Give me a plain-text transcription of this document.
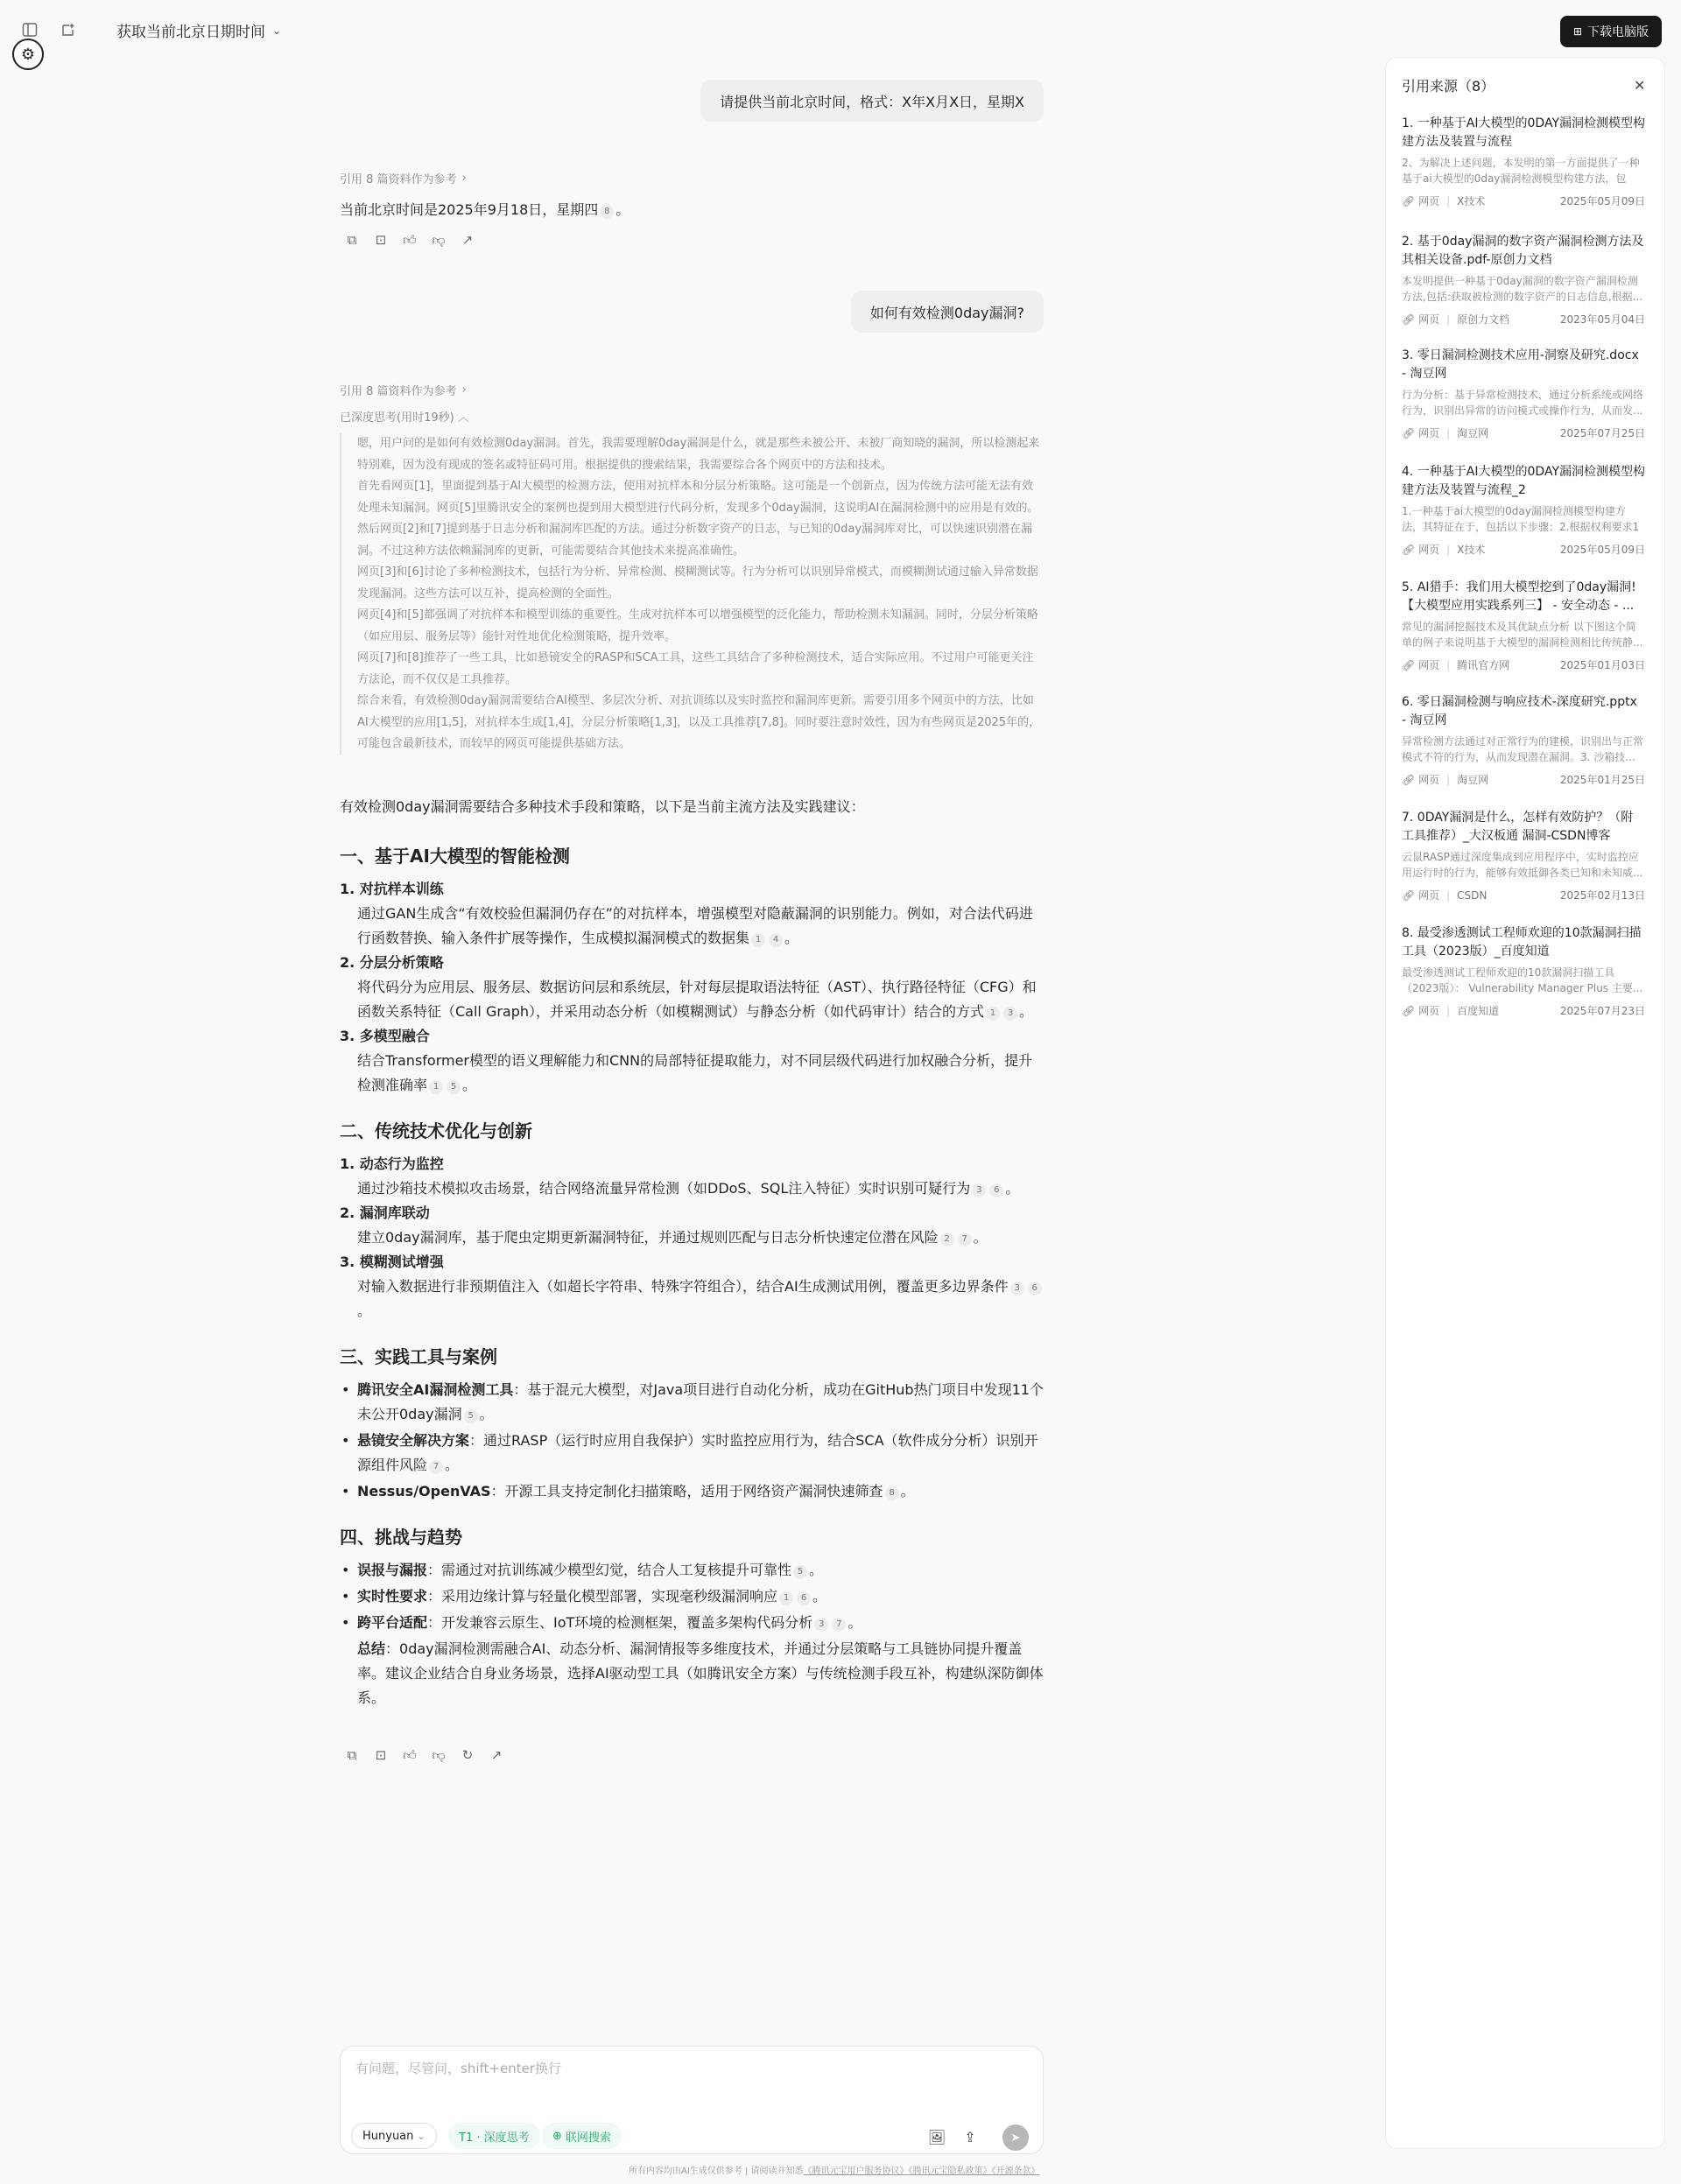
获取当前北京日期时间 ⌄
⚙
⊞ 下载电脑版
请提供当前北京时间，格式：X年X月X日，星期X
引用 8 篇资料作为参考 ›
当前北京时间是2025年9月18日，星期四 8 。
⧉	⊡ 👍︎ 👎︎ ↗
如何有效检测0day漏洞?
引用 8 篇资料作为参考 ›
已深度思考(用时19秒) ︿

嗯，用户问的是如何有效检测0day漏洞。首先，我需要理解0day漏洞是什么，就是那些未被公开、未被厂商知晓的漏洞，所以检测起来特别难，因为没有现成的签名或特征码可用。根据提供的搜索结果，我需要综合各个网页中的方法和技术。

首先看网页[1]，里面提到基于AI大模型的检测方法，使用对抗样本和分层分析策略。这可能是一个创新点，因为传统方法可能无法有效处理未知漏洞。网页[5]里腾讯安全的案例也提到用大模型进行代码分析，发现多个0day漏洞，这说明AI在漏洞检测中的应用是有效的。

然后网页[2]和[7]提到基于日志分析和漏洞库匹配的方法。通过分析数字资产的日志，与已知的0day漏洞库对比，可以快速识别潜在漏洞。不过这种方法依赖漏洞库的更新，可能需要结合其他技术来提高准确性。

网页[3]和[6]讨论了多种检测技术，包括行为分析、异常检测、模糊测试等。行为分析可以识别异常模式，而模糊测试通过输入异常数据发现漏洞。这些方法可以互补，提高检测的全面性。

网页[4]和[5]都强调了对抗样本和模型训练的重要性。生成对抗样本可以增强模型的泛化能力，帮助检测未知漏洞。同时，分层分析策略（如应用层、服务层等）能针对性地优化检测策略，提升效率。

网页[7]和[8]推荐了一些工具，比如悬镜安全的RASP和SCA工具，这些工具结合了多种检测技术，适合实际应用。不过用户可能更关注方法论，而不仅仅是工具推荐。

综合来看，有效检测0day漏洞需要结合AI模型、多层次分析、对抗训练以及实时监控和漏洞库更新。需要引用多个网页中的方法，比如AI大模型的应用[1,5]，对抗样本生成[1,4]，分层分析策略[1,3]，以及工具推荐[7,8]。同时要注意时效性，因为有些网页是2025年的，可能包含最新技术，而较早的网页可能提供基础方法。

有效检测0day漏洞需要结合多种技术手段和策略，以下是当前主流方法及实践建议：
一、基于AI大模型的智能检测
1. 对抗样本训练
通过GAN生成含“有效校验但漏洞仍存在”的对抗样本，增强模型对隐蔽漏洞的识别能力。例如，对合法代码进行函数替换、输入条件扩展等操作，生成模拟漏洞模式的数据集 1 4 。
2. 分层分析策略
将代码分为应用层、服务层、数据访问层和系统层，针对每层提取语法特征（AST）、执行路径特征（CFG）和函数关系特征（Call Graph），并采用动态分析（如模糊测试）与静态分析（如代码审计）结合的方式 1 3 。
3. 多模型融合
结合Transformer模型的语义理解能力和CNN的局部特征提取能力，对不同层级代码进行加权融合分析，提升检测准确率 1 5 。
二、传统技术优化与创新
1. 动态行为监控
通过沙箱技术模拟攻击场景，结合网络流量异常检测（如DDoS、SQL注入特征）实时识别可疑行为 3 6 。
2. 漏洞库联动
建立0day漏洞库，基于爬虫定期更新漏洞特征，并通过规则匹配与日志分析快速定位潜在风险 2 7 。
3. 模糊测试增强
对输入数据进行非预期值注入（如超长字符串、特殊字符组合），结合AI生成测试用例，覆盖更多边界条件 3 6。
三、实践工具与案例
• 腾讯安全AI漏洞检测工具：基于混元大模型，对Java项目进行自动化分析，成功在GitHub热门项目中发现11个未公开0day漏洞 5 。
• 悬镜安全解决方案：通过RASP（运行时应用自我保护）实时监控应用行为，结合SCA（软件成分分析）识别开源组件风险 7 。
• Nessus/OpenVAS：开源工具支持定制化扫描策略，适用于网络资产漏洞快速筛查 8 。
四、挑战与趋势
• 误报与漏报：需通过对抗训练减少模型幻觉，结合人工复核提升可靠性 5 。
• 实时性要求：采用边缘计算与轻量化模型部署，实现毫秒级漏洞响应 1 6 。
• 跨平台适配：开发兼容云原生、IoT环境的检测框架，覆盖多架构代码分析 3 7 。
总结：0day漏洞检测需融合AI、动态分析、漏洞情报等多维度技术，并通过分层策略与工具链协同提升覆盖率。建议企业结合自身业务场景，选择AI驱动型工具（如腾讯安全方案）与传统检测手段互补，构建纵深防御体系。
⧉	⊡ 👍︎ 👎︎ ↻ ↗
有问题，尽管问，shift+enter换行
Hunyuan ⌄	T1 · 深度思考 ⊕ 联网搜索	🖼︎ ⇪	➤
所有内容均由AI生成仅供参考 | 请阅读并知悉《腾讯元宝用户服务协议》《腾讯元宝隐私政策》《开源条款》
引用来源（8）	✕
1. 一种基于AI大模型的0DAY漏洞检测模型构建方法及装置与流程
2、为解决上述问题，本发明的第一方面提供了一种基于ai大模型的0day漏洞检测模型构建方法，包
🔗︎ 网页 | X技术	2025年05月09日
2. 基于0day漏洞的数字资产漏洞检测方法及其相关设备.pdf-原创力文档
本发明提供一种基于0day漏洞的数字资产漏洞检测方法,包括:获取被检测的数字资产的日志信息,根据...
🔗︎ 网页 | 原创力文档	2023年05月04日
3. 零日漏洞检测技术应用-洞察及研究.docx - 淘豆网
行为分析：基于异常检测技术，通过分析系统或网络行为，识别出异常的访问模式或操作行为，从而发...
🔗︎ 网页 | 淘豆网	2025年07月25日
4. 一种基于AI大模型的0DAY漏洞检测模型构建方法及装置与流程_2
1.一种基于ai大模型的0day漏洞检测模型构建方法，其特征在于，包括以下步骤：2.根据权利要求1
🔗︎ 网页 | X技术	2025年05月09日
5. AI猎手：我们用大模型挖到了0day漏洞!【大模型应用实践系列三】 - 安全动态 - ...
常见的漏洞挖掘技术及其优缺点分析 以下图这个简单的例子来说明基于大模型的漏洞检测相比传统静...
🔗︎ 网页 | 腾讯官方网	2025年01月03日
6. 零日漏洞检测与响应技术-深度研究.pptx - 淘豆网
异常检测方法通过对正常行为的建模，识别出与正常模式不符的行为，从而发现潜在漏洞。3. 沙箱技...
🔗︎ 网页 | 淘豆网	2025年01月25日
7. 0DAY漏洞是什么，怎样有效防护？（附工具推荐）_大汉板通 漏洞-CSDN博客
云鼠RASP通过深度集成到应用程序中，实时监控应用运行时的行为，能够有效抵御各类已知和未知威...
🔗︎ 网页 | CSDN	2025年02月13日
8. 最受渗透测试工程师欢迎的10款漏洞扫描工具（2023版）_百度知道
最受渗透测试工程师欢迎的10款漏洞扫描工具（2023版）： Vulnerability Manager Plus 主要...
🔗︎ 网页 | 百度知道	2025年07月23日
